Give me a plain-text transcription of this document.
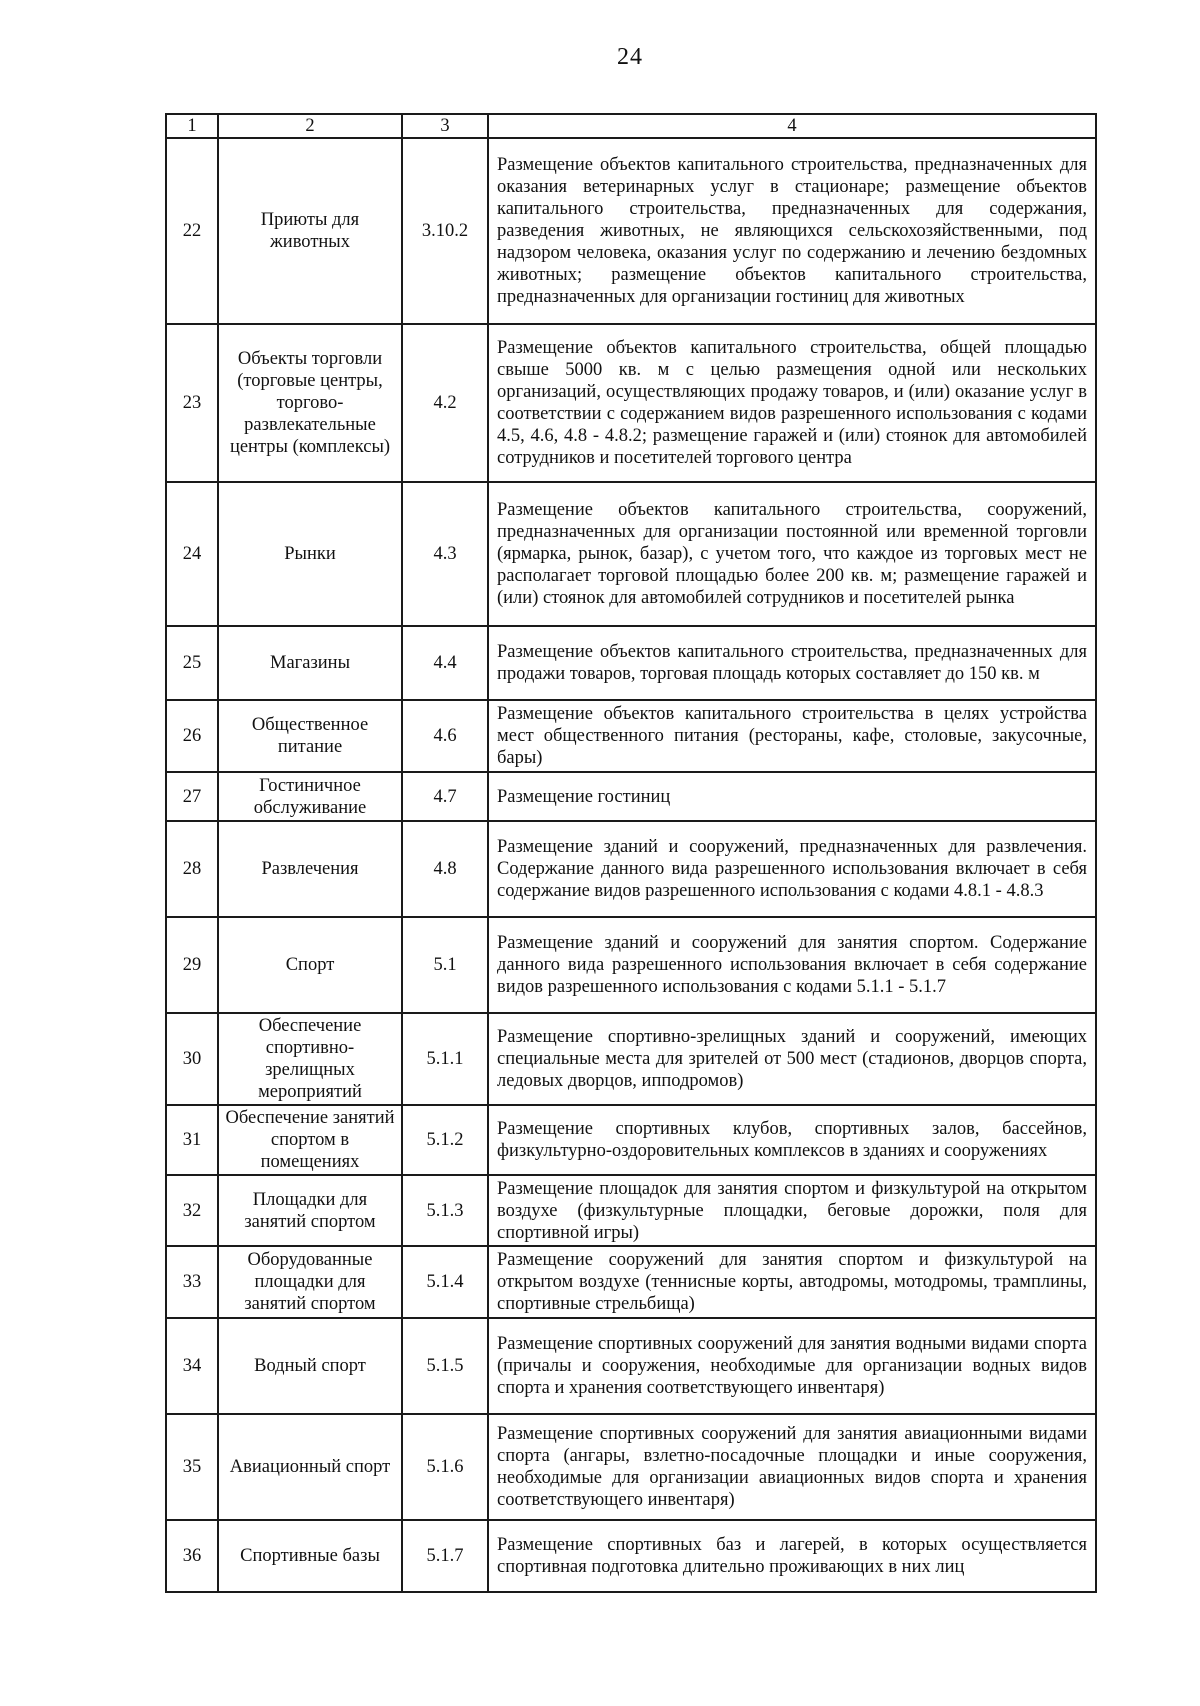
24
1	2	3	4
22	Приюты для животных	3.10.2	Размещение объектов капитального строительства, предназначенных для оказания ветеринарных услуг в стационаре; размещение объектов капитального строительства, предназначенных для содержания, разведения животных, не являющихся сельскохозяйственными, под надзором человека, оказания услуг по содержанию и лечению бездомных животных; размещение объектов капитального строительства, предназначенных для организации гостиниц для животных
23	Объекты торговли (торговые центры, торгово-развлекательные центры (комплексы)	4.2	Размещение объектов капитального строительства, общей площадью свыше 5000 кв. м с целью размещения одной или нескольких организаций, осуществляющих продажу товаров, и (или) оказание услуг в соответствии с содержанием видов разрешенного использования с кодами 4.5, 4.6, 4.8 - 4.8.2; размещение гаражей и (или) стоянок для автомобилей сотрудников и посетителей торгового центра
24	Рынки	4.3	Размещение объектов капитального строительства, сооружений, предназначенных для организации постоянной или временной торговли (ярмарка, рынок, базар), с учетом того, что каждое из торговых мест не располагает торговой площадью более 200 кв. м; размещение гаражей и (или) стоянок для автомобилей сотрудников и посетителей рынка
25	Магазины	4.4	Размещение объектов капитального строительства, предназначенных для продажи товаров, торговая площадь которых составляет до 150 кв. м
26	Общественное питание	4.6	Размещение объектов капитального строительства в целях устройства мест общественного питания (рестораны, кафе, столовые, закусочные, бары)
27	Гостиничное обслуживание	4.7	Размещение гостиниц
28	Развлечения	4.8	Размещение зданий и сооружений, предназначенных для развлечения. Содержание данного вида разрешенного использования включает в себя содержание видов разрешенного использования с кодами 4.8.1 - 4.8.3
29	Спорт	5.1	Размещение зданий и сооружений для занятия спортом. Содержание данного вида разрешенного использования включает в себя содержание видов разрешенного использования с кодами 5.1.1 - 5.1.7
30	Обеспечение спортивно-зрелищных мероприятий	5.1.1	Размещение спортивно-зрелищных зданий и сооружений, имеющих специальные места для зрителей от 500 мест (стадионов, дворцов спорта, ледовых дворцов, ипподромов)
31	Обеспечение занятий спортом в помещениях	5.1.2	Размещение спортивных клубов, спортивных залов, бассейнов, физкультурно-оздоровительных комплексов в зданиях и сооружениях
32	Площадки для занятий спортом	5.1.3	Размещение площадок для занятия спортом и физкультурой на открытом воздухе (физкультурные площадки, беговые дорожки, поля для спортивной игры)
33	Оборудованные площадки для занятий спортом	5.1.4	Размещение сооружений для занятия спортом и физкультурой на открытом воздухе (теннисные корты, автодромы, мотодромы, трамплины, спортивные стрельбища)
34	Водный спорт	5.1.5	Размещение спортивных сооружений для занятия водными видами спорта (причалы и сооружения, необходимые для организации водных видов спорта и хранения соответствующего инвентаря)
35	Авиационный спорт	5.1.6	Размещение спортивных сооружений для занятия авиационными видами спорта (ангары, взлетно-посадочные площадки и иные сооружения, необходимые для организации авиационных видов спорта и хранения соответствующего инвентаря)
36	Спортивные базы	5.1.7	Размещение спортивных баз и лагерей, в которых осуществляется спортивная подготовка длительно проживающих в них лиц
